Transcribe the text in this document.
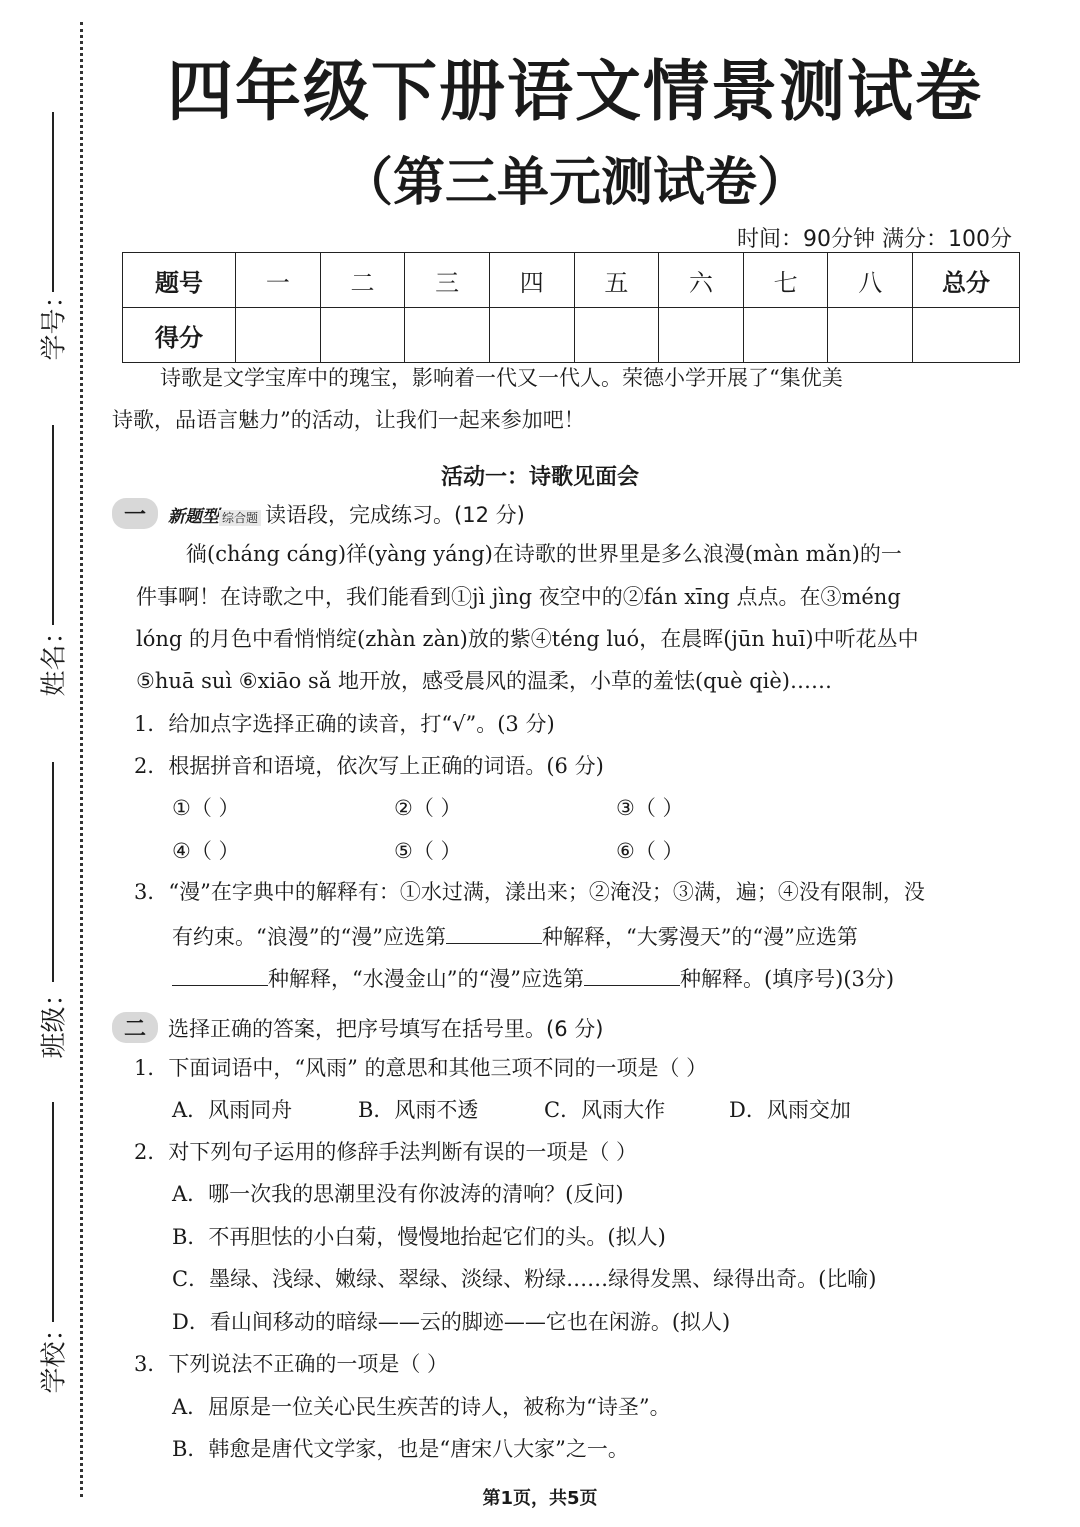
学号：
姓名：
班级：
学校：
四年级下册语文情景测试卷
（第三单元测试卷）
时间：90分钟 满分：100分
题号	一	二	三	四	五	六	七	八	总分
得分									
诗歌是文学宝库中的瑰宝，影响着一代又一代人。荣德小学开展了“集优美
诗歌，品语言魅力”的活动，让我们一起来参加吧！
活动一：诗歌见面会
一 新题型 综合题 读语段，完成练习。(12 分)
徜(cháng cáng)徉(yàng yáng)在诗歌的世界里是多么浪漫(màn mǎn)的一
件事啊！在诗歌之中，我们能看到①jì jìng 夜空中的②fán xīng 点点。在③méng
lóng 的月色中看悄悄绽(zhàn zàn)放的紫④téng luó，在晨晖(jūn huī)中听花丛中
⑤huā suì ⑥xiāo sǎ 地开放，感受晨风的温柔，小草的羞怯(què qiè)……
1．给加点字选择正确的读音，打“√”。(3 分)
2．根据拼音和语境，依次写上正确的词语。(6 分)
①（ ）	②（ ）	③（ ）
④（ ）	⑤（ ）	⑥（ ）
3．“漫”在字典中的解释有：①水过满，漾出来；②淹没；③满，遍；④没有限制，没
有约束。“浪漫”的“漫”应选第	种解释，“大雾漫天”的“漫”应选第
种解释，“水漫金山”的“漫”应选第	种解释。(填序号)(3分)
二 选择正确的答案，把序号填写在括号里。(6 分)
1．下面词语中，“风雨” 的意思和其他三项不同的一项是（ ）
A．风雨同舟	B．风雨不透	C．风雨大作	D．风雨交加
2．对下列句子运用的修辞手法判断有误的一项是（ ）
A．哪一次我的思潮里没有你波涛的清响？(反问)
B．不再胆怯的小白菊，慢慢地抬起它们的头。(拟人)
C．墨绿、浅绿、嫩绿、翠绿、淡绿、粉绿……绿得发黑、绿得出奇。(比喻)
D．看山间移动的暗绿——云的脚迹——它也在闲游。(拟人)
3．下列说法不正确的一项是（ ）
A．屈原是一位关心民生疾苦的诗人，被称为“诗圣”。
B．韩愈是唐代文学家，也是“唐宋八大家”之一。
第1页，共5页
